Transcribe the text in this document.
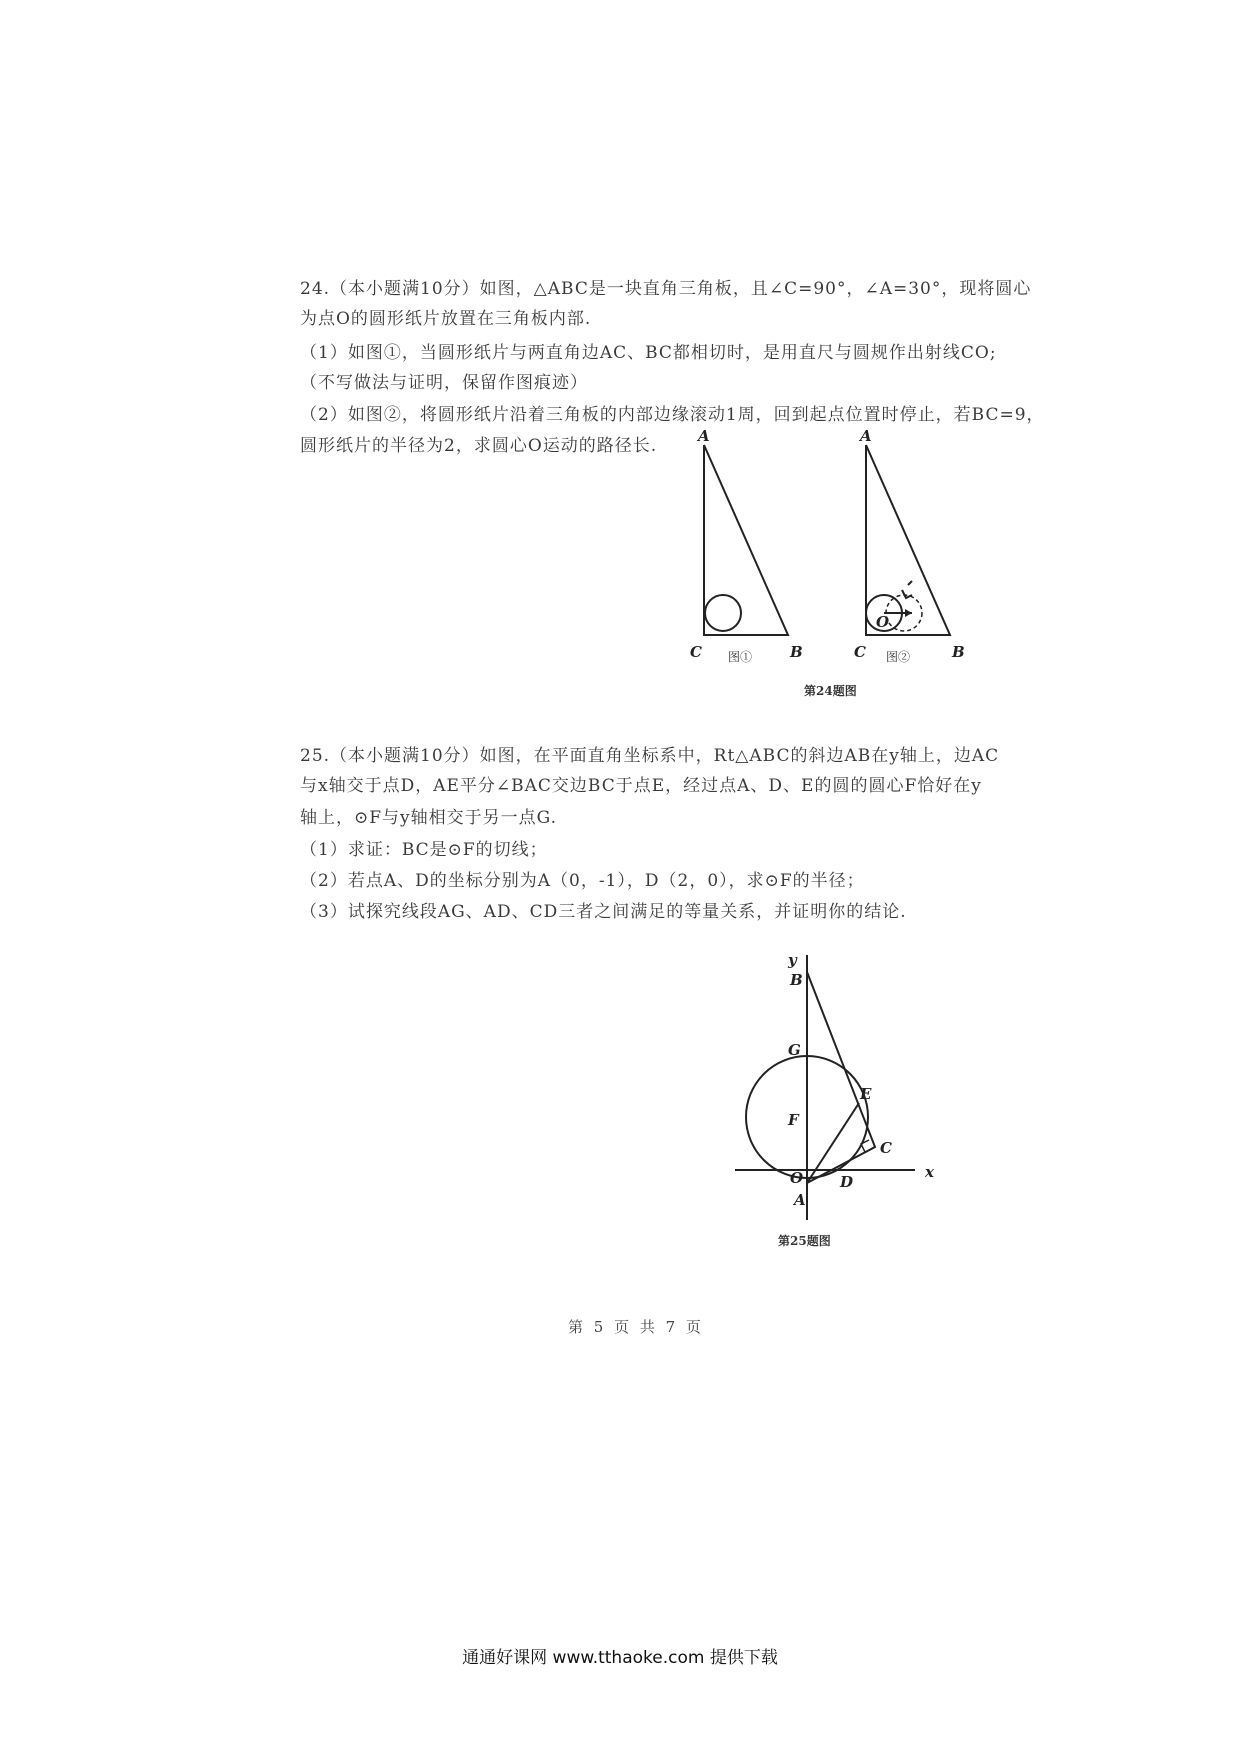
24.（本小题满10分）如图，△ABC是一块直角三角板，且∠C=90°，∠A=30°，现将圆心
为点O的圆形纸片放置在三角板内部.
（1）如图①，当圆形纸片与两直角边AC、BC都相切时，是用直尺与圆规作出射线CO;
（不写做法与证明，保留作图痕迹）
（2）如图②，将圆形纸片沿着三角板的内部边缘滚动1周，回到起点位置时停止，若BC=9，
圆形纸片的半径为2，求圆心O运动的路径长.	A
C	B
图①
A
C	B
O
图②
第24题图
25.（本小题满10分）如图，在平面直角坐标系中，Rt△ABC的斜边AB在y轴上，边AC
与x轴交于点D，AE平分∠BAC交边BC于点E，经过点A、D、E的圆的圆心F恰好在y
轴上，⊙F与y轴相交于另一点G.
（1）求证：BC是⊙F的切线；
（2）若点A、D的坐标分别为A（0，-1），D（2，0），求⊙F的半径；
（3）试探究线段AG、AD、CD三者之间满足的等量关系，并证明你的结论.
y
x
B
G
E
F
C
O D
A
第25题图
第 5 页 共 7 页
通通好课网 www.tthaoke.com 提供下载
